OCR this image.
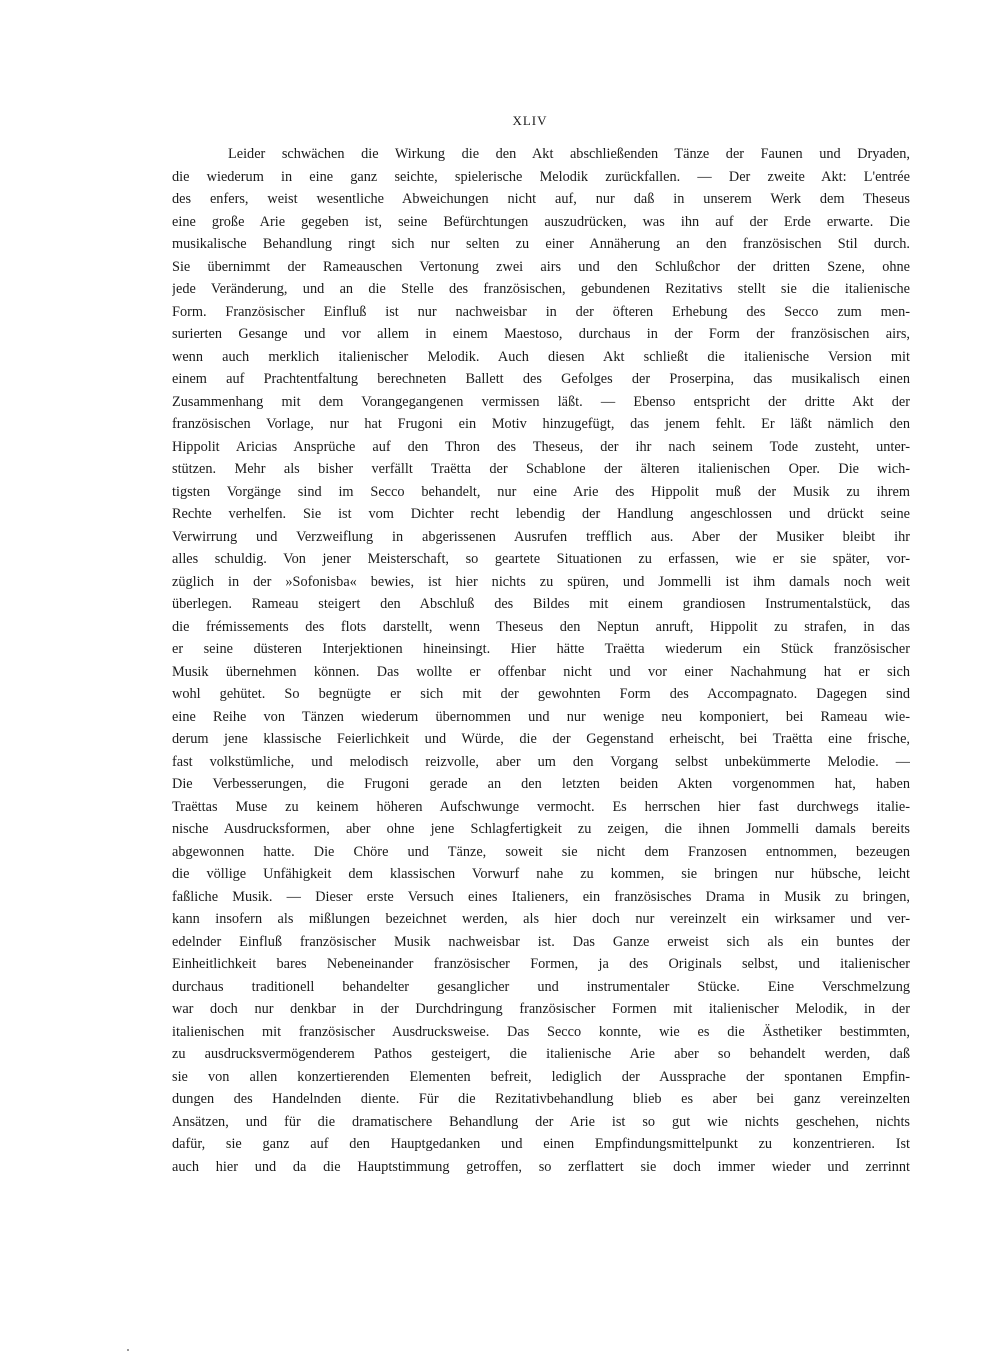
XLIV
Leider schwächen die Wirkung die den Akt abschließenden Tänze der Faunen und Dryaden,
die wiederum in eine ganz seichte, spielerische Melodik zurückfallen. — Der zweite Akt: L'entrée
des enfers, weist wesentliche Abweichungen nicht auf, nur daß in unserem Werk dem Theseus
eine große Arie gegeben ist, seine Befürchtungen auszudrücken, was ihn auf der Erde erwarte. Die
musikalische Behandlung ringt sich nur selten zu einer Annäherung an den französischen Stil durch.
Sie übernimmt der Rameauschen Vertonung zwei airs und den Schlußchor der dritten Szene, ohne
jede Veränderung, und an die Stelle des französischen, gebundenen Rezitativs stellt sie die italienische
Form. Französischer Einfluß ist nur nachweisbar in der öfteren Erhebung des Secco zum men-
surierten Gesange und vor allem in einem Maestoso, durchaus in der Form der französischen airs,
wenn auch merklich italienischer Melodik. Auch diesen Akt schließt die italienische Version mit
einem auf Prachtentfaltung berechneten Ballett des Gefolges der Proserpina, das musikalisch einen
Zusammenhang mit dem Vorangegangenen vermissen läßt. — Ebenso entspricht der dritte Akt der
französischen Vorlage, nur hat Frugoni ein Motiv hinzugefügt, das jenem fehlt. Er läßt nämlich den
Hippolit Aricias Ansprüche auf den Thron des Theseus, der ihr nach seinem Tode zusteht, unter-
stützen. Mehr als bisher verfällt Traëtta der Schablone der älteren italienischen Oper. Die wich-
tigsten Vorgänge sind im Secco behandelt, nur eine Arie des Hippolit muß der Musik zu ihrem
Rechte verhelfen. Sie ist vom Dichter recht lebendig der Handlung angeschlossen und drückt seine
Verwirrung und Verzweiflung in abgerissenen Ausrufen trefflich aus. Aber der Musiker bleibt ihr
alles schuldig. Von jener Meisterschaft, so geartete Situationen zu erfassen, wie er sie später, vor-
züglich in der »Sofonisba« bewies, ist hier nichts zu spüren, und Jommelli ist ihm damals noch weit
überlegen. Rameau steigert den Abschluß des Bildes mit einem grandiosen Instrumentalstück, das
die frémissements des flots darstellt, wenn Theseus den Neptun anruft, Hippolit zu strafen, in das
er seine düsteren Interjektionen hineinsingt. Hier hätte Traëtta wiederum ein Stück französischer
Musik übernehmen können. Das wollte er offenbar nicht und vor einer Nachahmung hat er sich
wohl gehütet. So begnügte er sich mit der gewohnten Form des Accompagnato. Dagegen sind
eine Reihe von Tänzen wiederum übernommen und nur wenige neu komponiert, bei Rameau wie-
derum jene klassische Feierlichkeit und Würde, die der Gegenstand erheischt, bei Traëtta eine frische,
fast volkstümliche, und melodisch reizvolle, aber um den Vorgang selbst unbekümmerte Melodie. —
Die Verbesserungen, die Frugoni gerade an den letzten beiden Akten vorgenommen hat, haben
Traëttas Muse zu keinem höheren Aufschwunge vermocht. Es herrschen hier fast durchwegs italie-
nische Ausdrucksformen, aber ohne jene Schlagfertigkeit zu zeigen, die ihnen Jommelli damals bereits
abgewonnen hatte. Die Chöre und Tänze, soweit sie nicht dem Franzosen entnommen, bezeugen
die völlige Unfähigkeit dem klassischen Vorwurf nahe zu kommen, sie bringen nur hübsche, leicht
faßliche Musik. — Dieser erste Versuch eines Italieners, ein französisches Drama in Musik zu bringen,
kann insofern als mißlungen bezeichnet werden, als hier doch nur vereinzelt ein wirksamer und ver-
edelnder Einfluß französischer Musik nachweisbar ist. Das Ganze erweist sich als ein buntes der
Einheitlichkeit bares Nebeneinander französischer Formen, ja des Originals selbst, und italienischer
durchaus traditionell behandelter gesanglicher und instrumentaler Stücke. Eine Verschmelzung
war doch nur denkbar in der Durchdringung französischer Formen mit italienischer Melodik, in der
italienischen mit französischer Ausdrucksweise. Das Secco konnte, wie es die Ästhetiker bestimmten,
zu ausdrucksvermögenderem Pathos gesteigert, die italienische Arie aber so behandelt werden, daß
sie von allen konzertierenden Elementen befreit, lediglich der Aussprache der spontanen Empfin-
dungen des Handelnden diente. Für die Rezitativbehandlung blieb es aber bei ganz vereinzelten
Ansätzen, und für die dramatischere Behandlung der Arie ist so gut wie nichts geschehen, nichts
dafür, sie ganz auf den Hauptgedanken und einen Empfindungsmittelpunkt zu konzentrieren. Ist
auch hier und da die Hauptstimmung getroffen, so zerflattert sie doch immer wieder und zerrinnt
